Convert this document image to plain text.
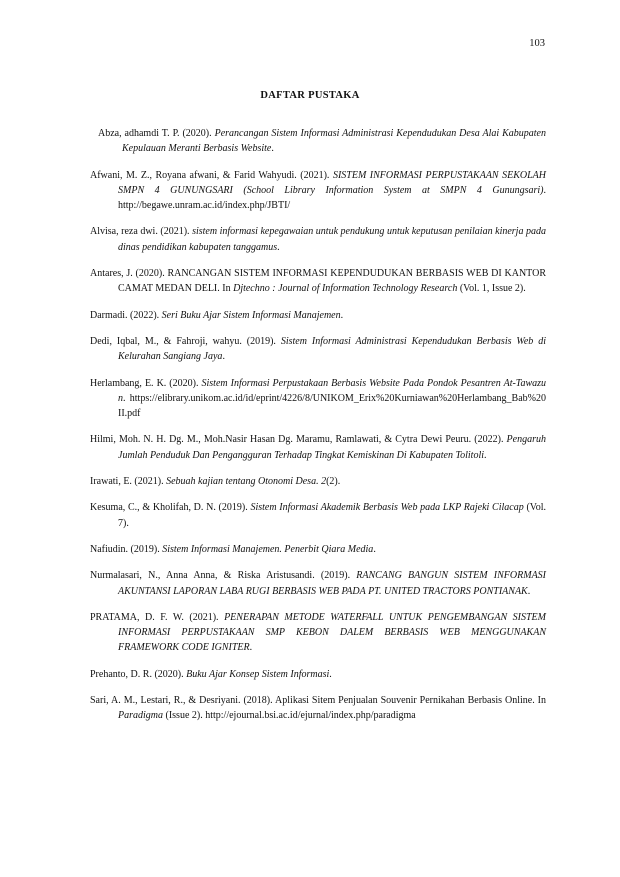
103
DAFTAR PUSTAKA

Abza, adhamdi T. P. (2020). Perancangan Sistem Informasi Administrasi Kependudukan Desa Alai Kabupaten Kepulauan Meranti Berbasis Website.

Afwani, M. Z., Royana afwani, & Farid Wahyudi. (2021). SISTEM INFORMASI PERPUSTAKAAN SEKOLAH SMPN 4 GUNUNGSARI (School Library Information System at SMPN 4 Gunungsari). http://begawe.unram.ac.id/index.php/JBTI/

Alvisa, reza dwi. (2021). sistem informasi kepegawaian untuk pendukung untuk keputusan penilaian kinerja pada dinas pendidikan kabupaten tanggamus.

Antares, J. (2020). RANCANGAN SISTEM INFORMASI KEPENDUDUKAN BERBASIS WEB DI KANTOR CAMAT MEDAN DELI. In Djtechno : Journal of Information Technology Research (Vol. 1, Issue 2).

Darmadi. (2022). Seri Buku Ajar Sistem Informasi Manajemen.

Dedi, Iqbal, M., & Fahroji, wahyu. (2019). Sistem Informasi Administrasi Kependudukan Berbasis Web di Kelurahan Sangiang Jaya.

Herlambang, E. K. (2020). Sistem Informasi Perpustakaan Berbasis Website Pada Pondok Pesantren At-Tawazun. https://elibrary.unikom.ac.id/id/eprint/4226/8/UNIKOM_Erix%20Kurniawan%20Herlambang_Bab%20II.pdf

Hilmi, Moh. N. H. Dg. M., Moh.Nasir Hasan Dg. Maramu, Ramlawati, & Cytra Dewi Peuru. (2022). Pengaruh Jumlah Penduduk Dan Pengangguran Terhadap Tingkat Kemiskinan Di Kabupaten Tolitoli.

Irawati, E. (2021). Sebuah kajian tentang Otonomi Desa. 2(2).

Kesuma, C., & Kholifah, D. N. (2019). Sistem Informasi Akademik Berbasis Web pada LKP Rajeki Cilacap (Vol. 7).

Nafiudin. (2019). Sistem Informasi Manajemen. Penerbit Qiara Media.

Nurmalasari, N., Anna Anna, & Riska Aristusandi. (2019). RANCANG BANGUN SISTEM INFORMASI AKUNTANSI LAPORAN LABA RUGI BERBASIS WEB PADA PT. UNITED TRACTORS PONTIANAK.

PRATAMA, D. F. W. (2021). PENERAPAN METODE WATERFALL UNTUK PENGEMBANGAN SISTEM INFORMASI PERPUSTAKAAN SMP KEBON DALEM BERBASIS WEB MENGGUNAKAN FRAMEWORK CODE IGNITER.

Prehanto, D. R. (2020). Buku Ajar Konsep Sistem Informasi.

Sari, A. M., Lestari, R., & Desriyani. (2018). Aplikasi Sitem Penjualan Souvenir Pernikahan Berbasis Online. In Paradigma (Issue 2). http://ejournal.bsi.ac.id/ejurnal/index.php/paradigma
